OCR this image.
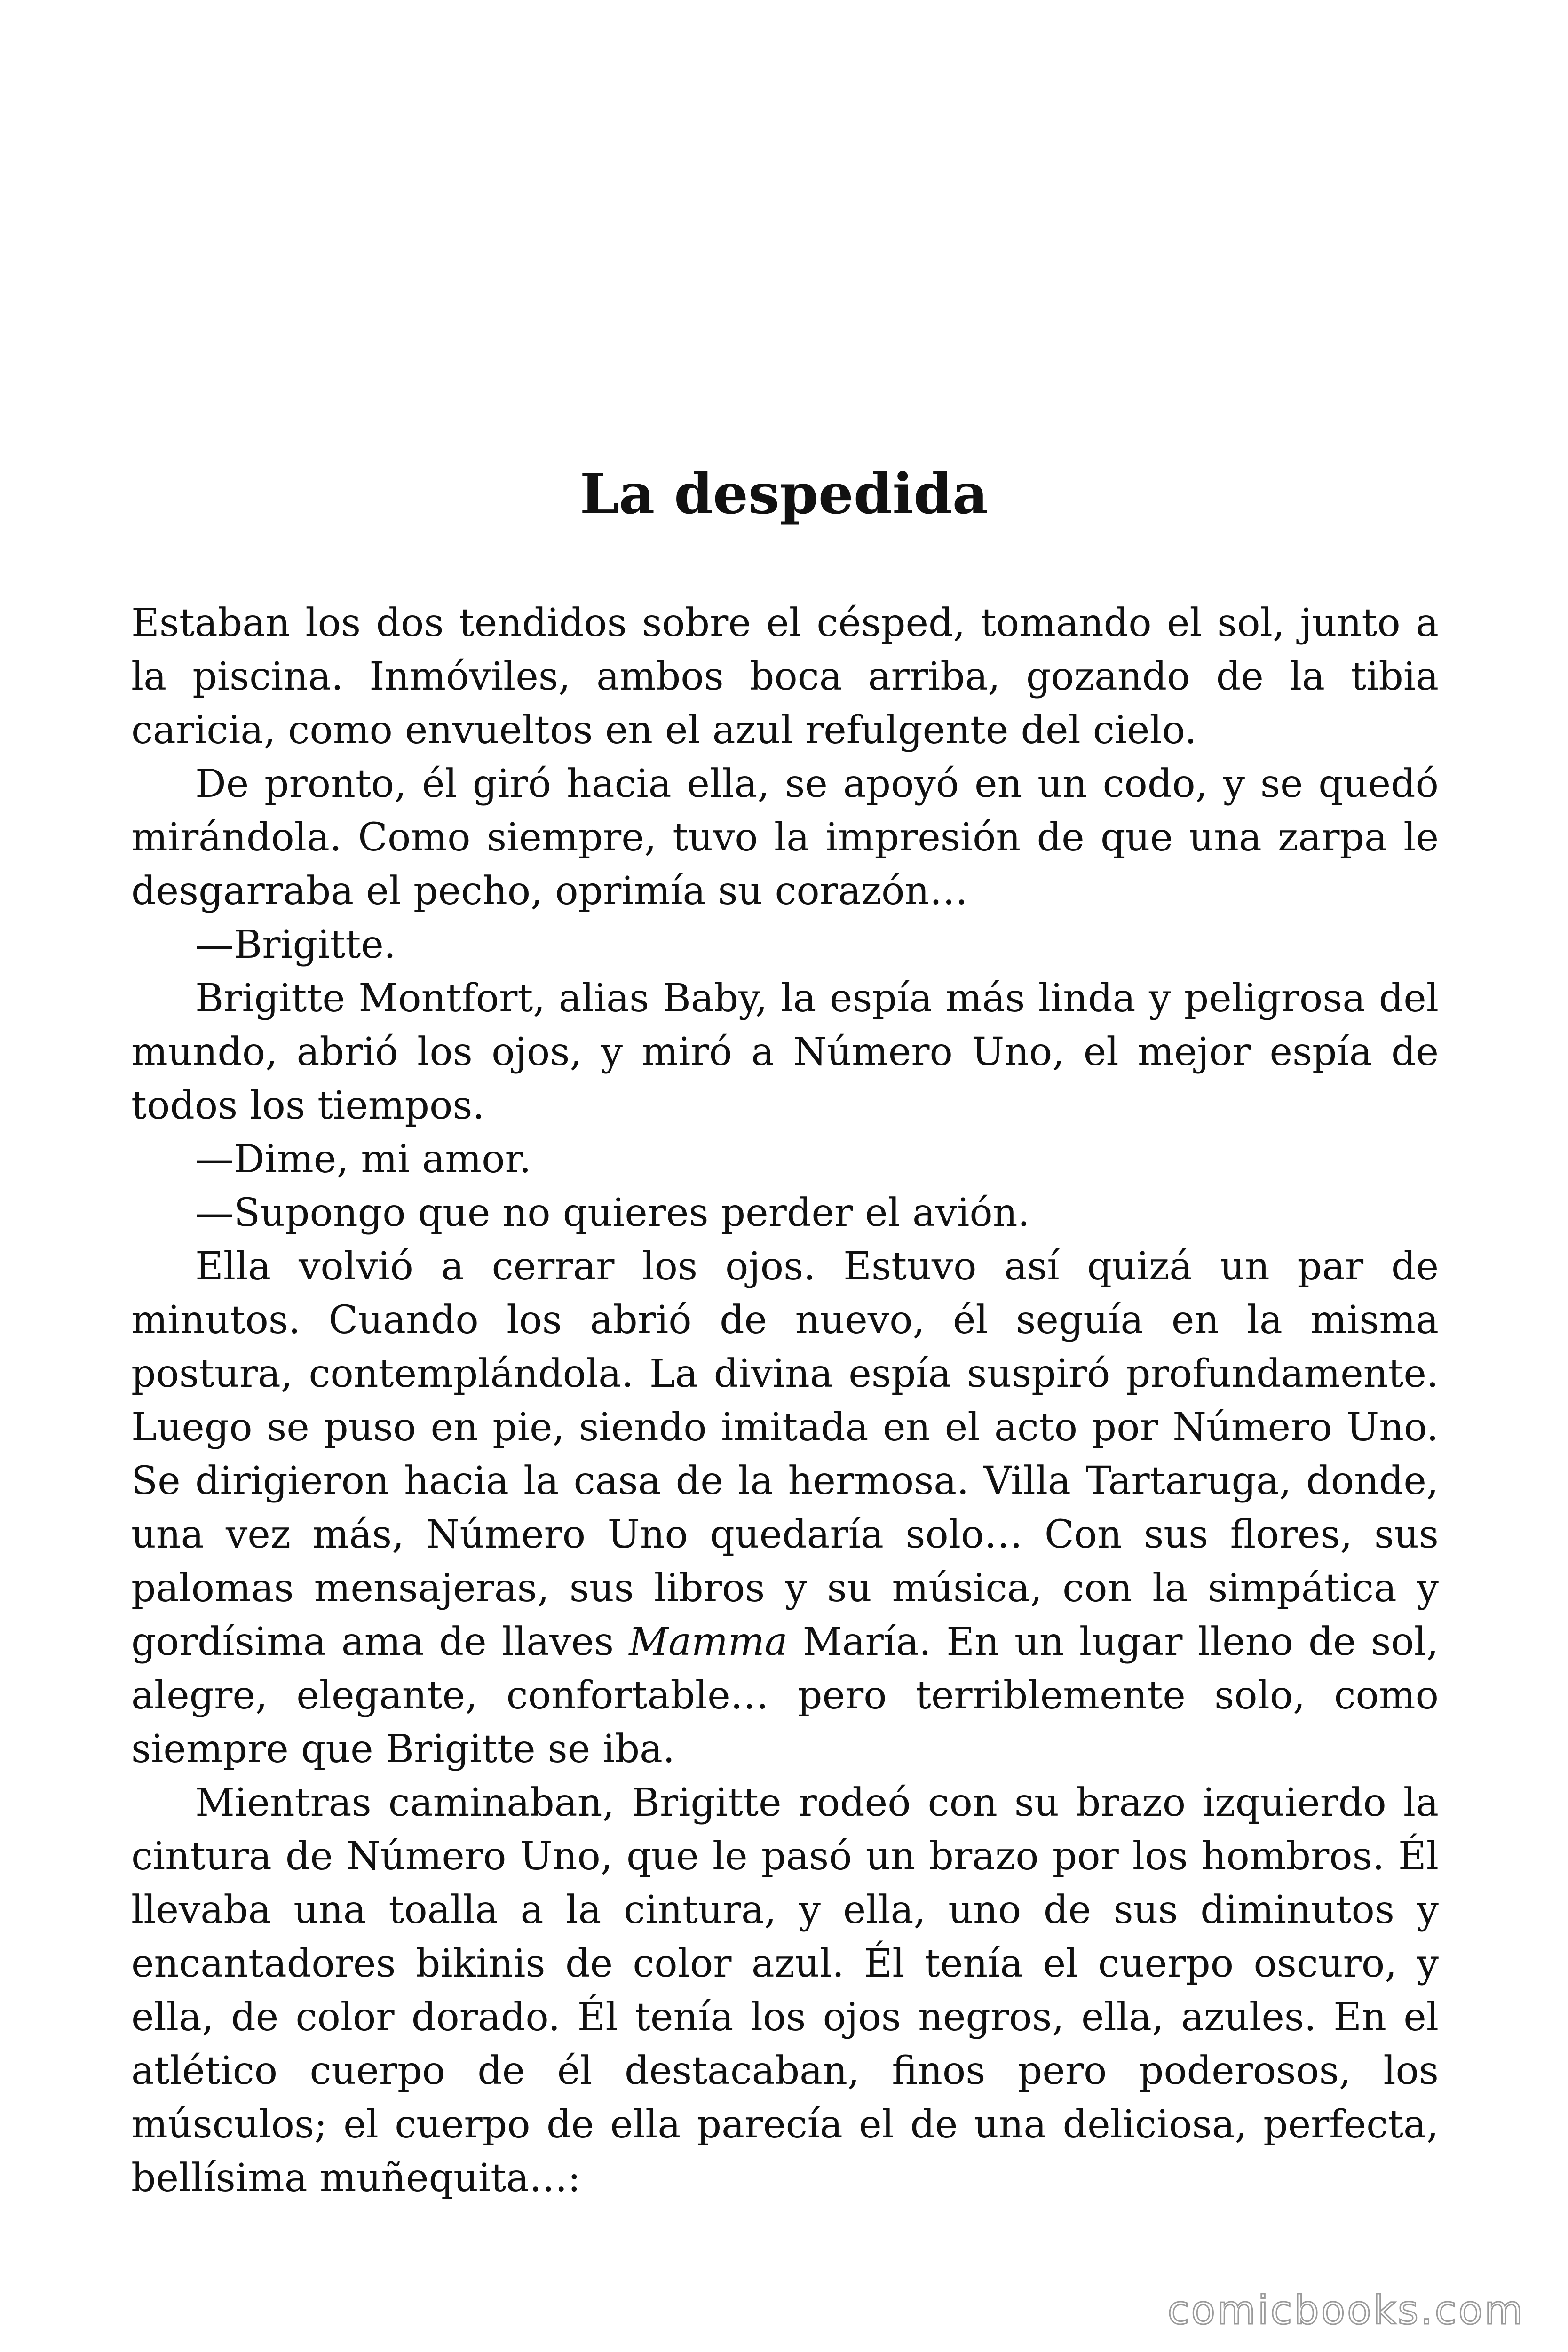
La despedida

Estaban los dos tendidos sobre el césped, tomando el sol, junto a la piscina. Inmóviles, ambos boca arriba, gozando de la tibia caricia, como envueltos en el azul refulgente del cielo.

De pronto, él giró hacia ella, se apoyó en un codo, y se quedó mirándola. Como siempre, tuvo la impresión de que una zarpa le desgarraba el pecho, oprimía su corazón…

—Brigitte.

Brigitte Montfort, alias Baby, la espía más linda y peligrosa del mundo, abrió los ojos, y miró a Número Uno, el mejor espía de todos los tiempos.

—Dime, mi amor.

—Supongo que no quieres perder el avión.

Ella volvió a cerrar los ojos. Estuvo así quizá un par de minutos. Cuando los abrió de nuevo, él seguía en la misma postura, contemplándola. La divina espía suspiró profundamente. Luego se puso en pie, siendo imitada en el acto por Número Uno. Se dirigieron hacia la casa de la hermosa. Villa Tartaruga, donde, una vez más, Número Uno quedaría solo… Con sus flores, sus palomas mensajeras, sus libros y su música, con la simpática y gordísima ama de llaves Mamma María. En un lugar lleno de sol, alegre, elegante, confortable… pero terriblemente solo, como siempre que Brigitte se iba.

Mientras caminaban, Brigitte rodeó con su brazo izquierdo la cintura de Número Uno, que le pasó un brazo por los hombros. Él llevaba una toalla a la cintura, y ella, uno de sus diminutos y encantadores bikinis de color azul. Él tenía el cuerpo oscuro, y ella, de color dorado. Él tenía los ojos negros, ella, azules. En el atlético cuerpo de él destacaban, finos pero poderosos, los músculos; el cuerpo de ella parecía el de una deliciosa, perfecta, bellísima muñequita…:

comicbooks.com
